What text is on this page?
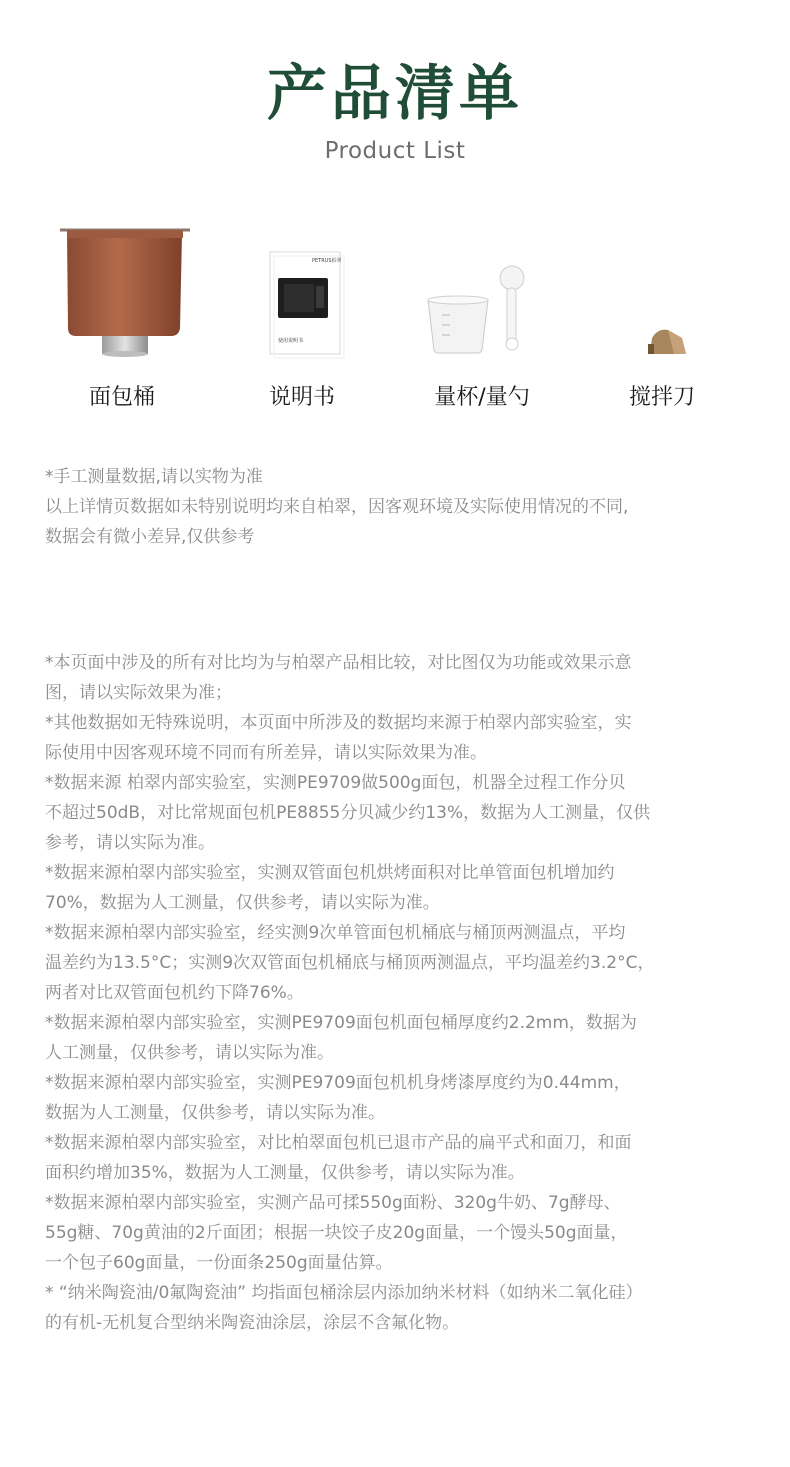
产品清单
Product List
面包桶
PETRUS柏翠
使用说明书
说明书	量杯/量勺	搅拌刀

*手工测量数据,请以实物为准

以上详情页数据如未特别说明均来自柏翠，因客观环境及实际使用情况的不同,

数据会有微小差异,仅供参考

*本页面中涉及的所有对比均为与柏翠产品相比较，对比图仅为功能或效果示意

图，请以实际效果为准；

*其他数据如无特殊说明，本页面中所涉及的数据均来源于柏翠内部实验室，实

际使用中因客观环境不同而有所差异，请以实际效果为准。

*数据来源 柏翠内部实验室，实测PE9709做500g面包，机器全过程工作分贝

不超过50dB，对比常规面包机PE8855分贝减少约13%，数据为人工测量，仅供

参考，请以实际为准。

*数据来源柏翠内部实验室，实测双管面包机烘烤面积对比单管面包机增加约

70%，数据为人工测量，仅供参考，请以实际为准。

*数据来源柏翠内部实验室，经实测9次单管面包机桶底与桶顶两测温点，平均

温差约为13.5°C；实测9次双管面包机桶底与桶顶两测温点，平均温差约3.2°C，

两者对比双管面包机约下降76%。

*数据来源柏翠内部实验室，实测PE9709面包机面包桶厚度约2.2mm，数据为

人工测量，仅供参考，请以实际为准。

*数据来源柏翠内部实验室，实测PE9709面包机机身烤漆厚度约为0.44mm，

数据为人工测量，仅供参考，请以实际为准。

*数据来源柏翠内部实验室，对比柏翠面包机已退市产品的扁平式和面刀，和面

面积约增加35%，数据为人工测量，仅供参考，请以实际为准。

*数据来源柏翠内部实验室，实测产品可揉550g面粉、320g牛奶、7g酵母、

55g糖、70g黄油的2斤面团；根据一块饺子皮20g面量，一个馒头50g面量，

一个包子60g面量，一份面条250g面量估算。

* “纳米陶瓷油/0氟陶瓷油” 均指面包桶涂层内添加纳米材料（如纳米二氧化硅）

的有机-无机复合型纳米陶瓷油涂层，涂层不含氟化物。
